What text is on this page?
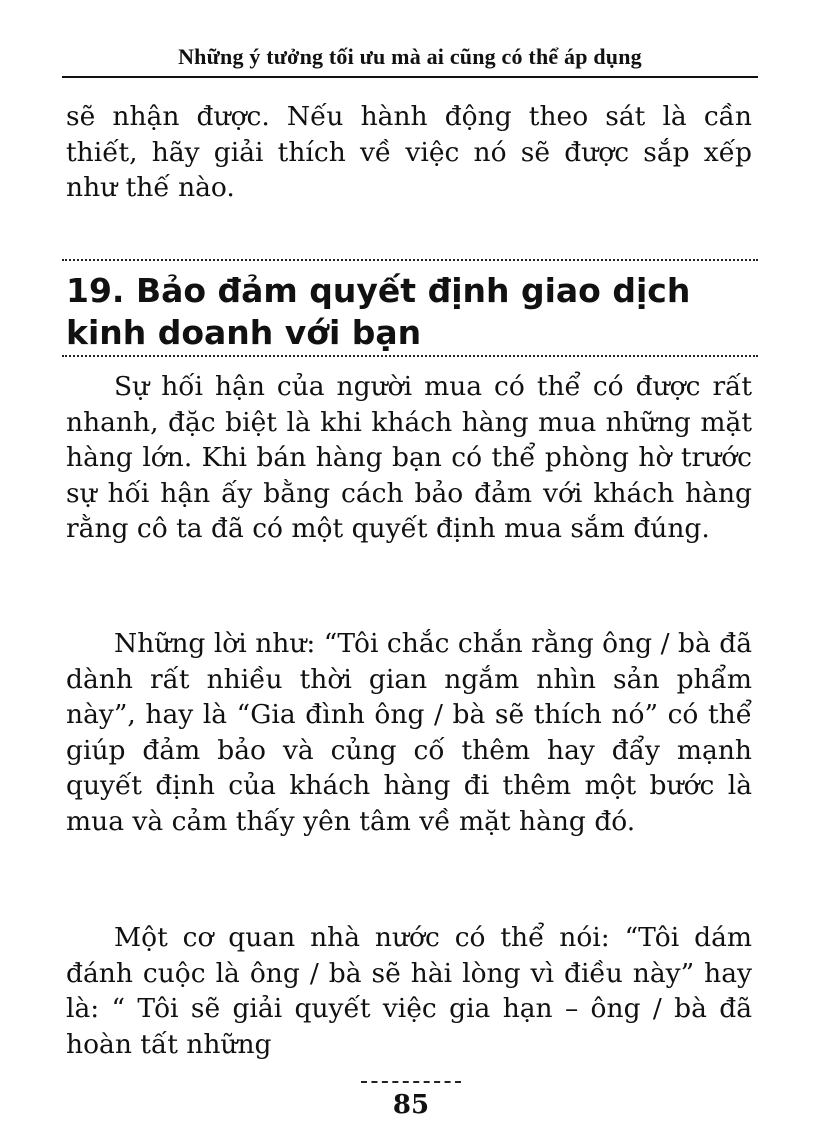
Những ý tưởng tối ưu mà ai cũng có thể áp dụng

sẽ nhận được. Nếu hành động theo sát là cần thiết, hãy giải thích về việc nó sẽ được sắp xếp như thế nào.

19. Bảo đảm quyết định giao dịch kinh doanh với bạn

Sự hối hận của người mua có thể có được rất nhanh, đặc biệt là khi khách hàng mua những mặt hàng lớn. Khi bán hàng bạn có thể phòng hờ trước sự hối hận ấy bằng cách bảo đảm với khách hàng rằng cô ta đã có một quyết định mua sắm đúng.

Những lời như: “Tôi chắc chắn rằng ông / bà đã dành rất nhiều thời gian ngắm nhìn sản phẩm này”, hay là “Gia đình ông / bà sẽ thích nó” có thể giúp đảm bảo và củng cố thêm hay đẩy mạnh quyết định của khách hàng đi thêm một bước là mua và cảm thấy yên tâm về mặt hàng đó.

Một cơ quan nhà nước có thể nói: “Tôi dám đánh cuộc là ông / bà sẽ hài lòng vì điều này” hay là: “ Tôi sẽ giải quyết việc gia hạn – ông / bà đã hoàn tất những

85
